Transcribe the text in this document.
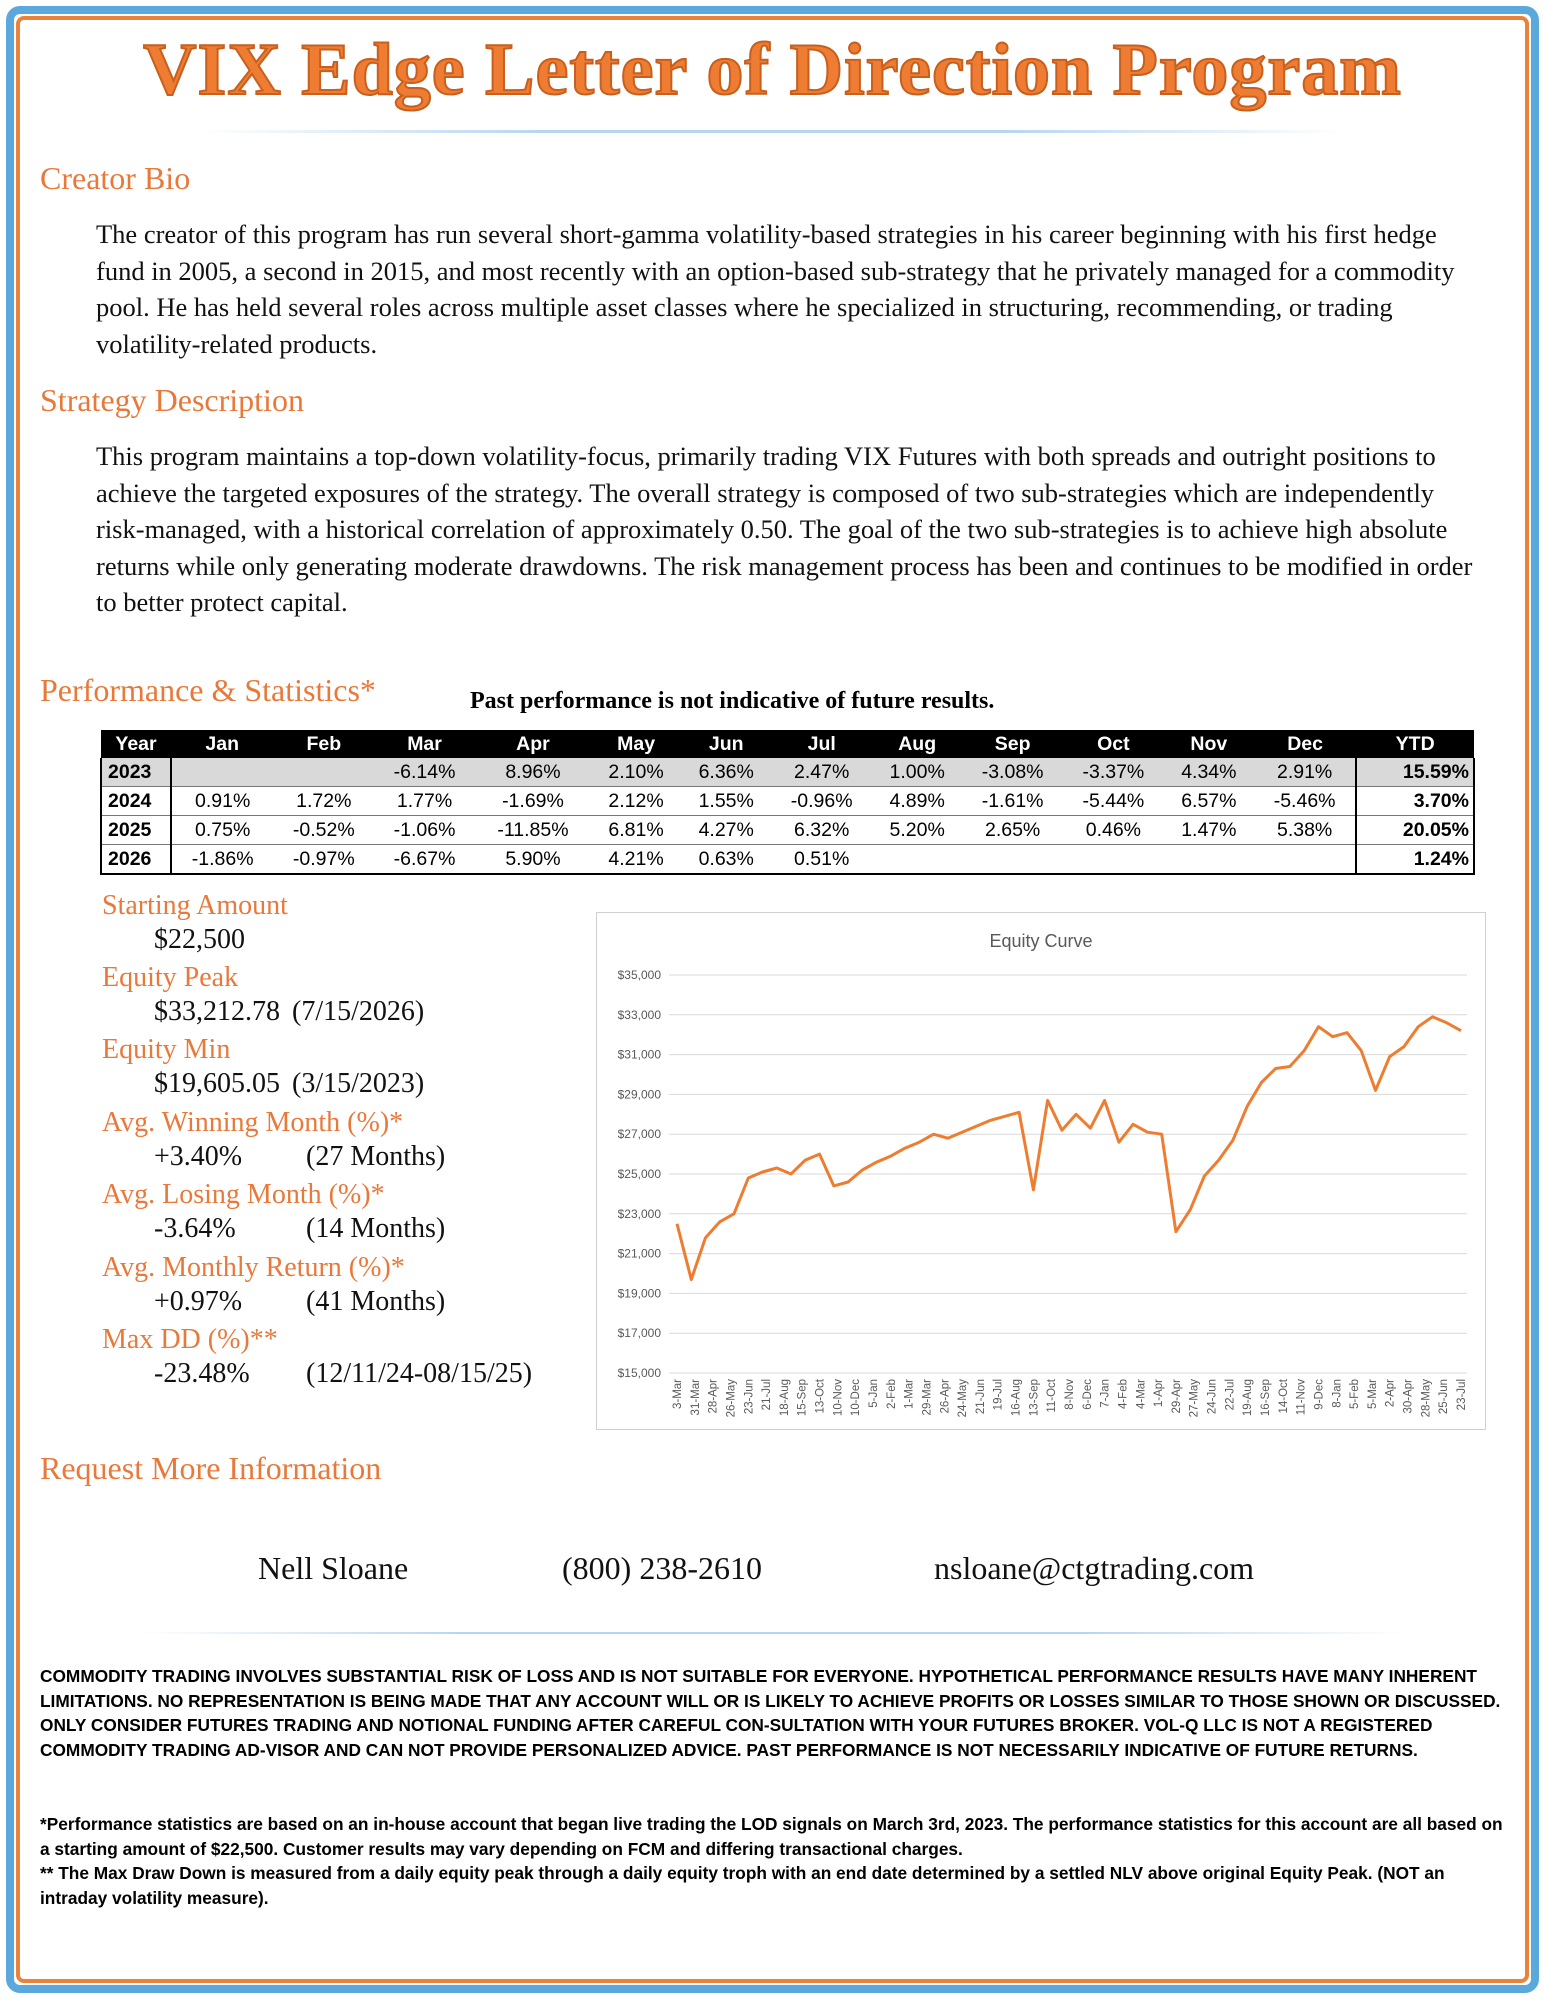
VIX Edge Letter of Direction Program
Creator Bio
The creator of this program has run several short-gamma volatility-based strategies in his career beginning with his first hedge fund in 2005, a second in 2015, and most recently with an option-based sub-strategy that he privately managed for a commodity pool. He has held several roles across multiple asset classes where he specialized in structuring, recommending, or trading volatility-related products.
Strategy Description
This program maintains a top-down volatility-focus, primarily trading VIX Futures with both spreads and outright positions to achieve the targeted exposures of the strategy. The overall strategy is composed of two sub-strategies which are independently risk-managed, with a historical correlation of approximately 0.50. The goal of the two sub-strategies is to achieve high absolute returns while only generating moderate drawdowns. The risk management process has been and continues to be modified in order to better protect capital.
Performance & Statistics*	Past performance is not indicative of future results.
Year	Jan	Feb	Mar	Apr	May	Jun	Jul	Aug	Sep	Oct	Nov	Dec	YTD
2023			-6.14%	8.96%	2.10%	6.36%	2.47%	1.00%	-3.08%	-3.37%	4.34%	2.91%	15.59%
2024	0.91%	1.72%	1.77%	-1.69%	2.12%	1.55%	-0.96%	4.89%	-1.61%	-5.44%	6.57%	-5.46%	3.70%
2025	0.75%	-0.52%	-1.06%	-11.85%	6.81%	4.27%	6.32%	5.20%	2.65%	0.46%	1.47%	5.38%	20.05%
2026	-1.86%	-0.97%	-6.67%	5.90%	4.21%	0.63%	0.51%						1.24%
Starting Amount
$22,500
Equity Peak
$33,212.78 (7/15/2026)
Equity Min
$19,605.05 (3/15/2023)
Avg. Winning Month (%)*
+3.40% (27 Months)
Avg. Losing Month (%)*
-3.64%	(14 Months)
Avg. Monthly Return (%)*
+0.97% (41 Months)
Max DD (%)**
-23.48% (12/11/24-08/15/25)
Equity Curve
$15,000
$17,000
$19,000
$21,000
$23,000
$25,000
$27,000
$29,000
$31,000
$33,000
$35,000
3-Mar 31-Mar 28-Apr 26-May 23-Jun 21-Jul 18-Aug 15-Sep 13-Oct 10-Nov 10-Dec 5-Jan 2-Feb 1-Mar 29-Mar 26-Apr 24-May 21-Jun 19-Jul 16-Aug 13-Sep 11-Oct 8-Nov 6-Dec 7-Jan 4-Feb 4-Mar 1-Apr 29-Apr 27-May 24-Jun 22-Jul 19-Aug 16-Sep 14-Oct 11-Nov 9-Dec 8-Jan 5-Feb 5-Mar 2-Apr 30-Apr 28-May 25-Jun 23-Jul
Request More Information
Nell Sloane	(800) 238-2610	nsloane@ctgtrading.com
COMMODITY TRADING INVOLVES SUBSTANTIAL RISK OF LOSS AND IS NOT SUITABLE FOR EVERYONE. HYPOTHETICAL PERFORMANCE RESULTS HAVE MANY INHERENT LIMITATIONS. NO REPRESENTATION IS BEING MADE THAT ANY ACCOUNT WILL OR IS LIKELY TO ACHIEVE PROFITS OR LOSSES SIMILAR TO THOSE SHOWN OR DISCUSSED. ONLY CONSIDER FUTURES TRADING AND NOTIONAL FUNDING AFTER CAREFUL CON-SULTATION WITH YOUR FUTURES BROKER. VOL-Q LLC IS NOT A REGISTERED COMMODITY TRADING AD-VISOR AND CAN NOT PROVIDE PERSONALIZED ADVICE. PAST PERFORMANCE IS NOT NECESSARILY INDICATIVE OF FUTURE RETURNS.
*Performance statistics are based on an in-house account that began live trading the LOD signals on March 3rd, 2023. The performance statistics for this account are all based on a starting amount of $22,500. Customer results may vary depending on FCM and differing transactional charges.
** The Max Draw Down is measured from a daily equity peak through a daily equity troph with an end date determined by a settled NLV above original Equity Peak. (NOT an intraday volatility measure).
